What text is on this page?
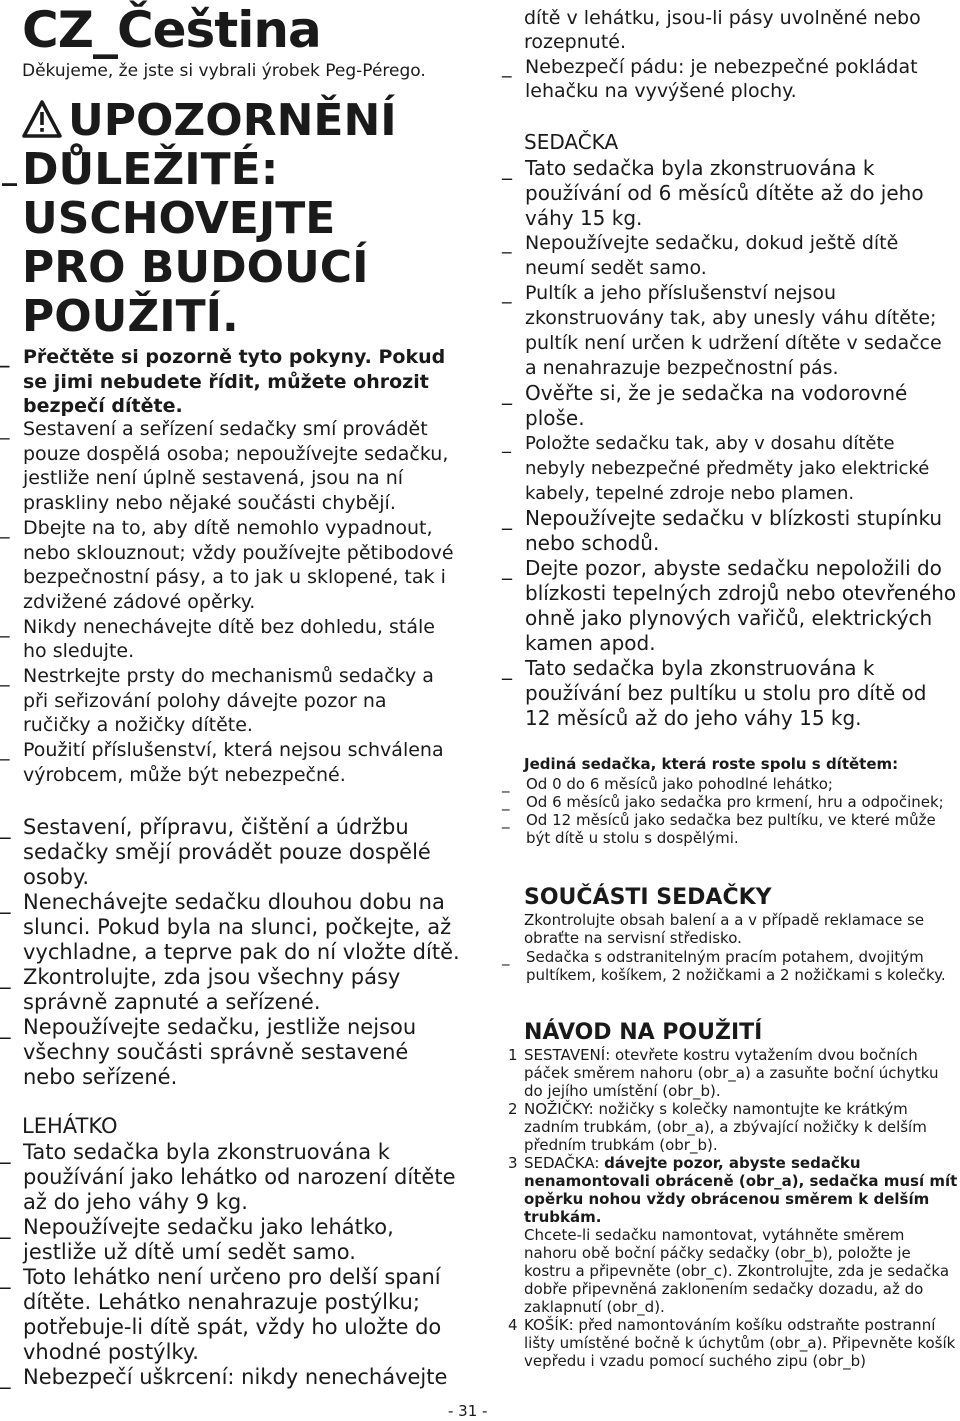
CZ_Čeština

Děkujeme, že jste si vybrali ýrobek Peg-Pérego.

UPOZORNĚNÍ
_ DŮLEŽITÉ:
USCHOVEJTE
PRO BUDOUCÍ
POUŽITÍ.
_ Přečtěte si pozorně tyto pokyny. Pokud se jimi nebudete řídit, můžete ohrozit bezpečí dítěte.
_ Sestavení a seřízení sedačky smí provádět pouze dospělá osoba; nepoužívejte sedačku, jestliže není úplně sestavená, jsou na ní praskliny nebo nějaké součásti chybějí.
_ Dbejte na to, aby dítě nemohlo vypadnout, nebo sklouznout; vždy používejte pětibodové bezpečnostní pásy, a to jak u sklopené, tak i zdvižené zádové opěrky.
_ Nikdy nenechávejte dítě bez dohledu, stále ho sledujte.
_ Nestrkejte prsty do mechanismů sedačky a při seřizování polohy dávejte pozor na ručičky a nožičky dítěte.
_ Použití příslušenství, která nejsou schválena výrobcem, může být nebezpečné.
_ Sestavení, přípravu, čištění a údržbu sedačky smějí provádět pouze dospělé osoby.
_ Nenechávejte sedačku dlouhou dobu na slunci. Pokud byla na slunci, počkejte, až vychladne, a teprve pak do ní vložte dítě.
_ Zkontrolujte, zda jsou všechny pásy správně zapnuté a seřízené.
_ Nepoužívejte sedačku, jestliže nejsou všechny součásti správně sestavené nebo seřízené.

LEHÁTKO

_ Tato sedačka byla zkonstruována k používání jako lehátko od narození dítěte až do jeho váhy 9 kg.
_ Nepoužívejte sedačku jako lehátko, jestliže už dítě umí sedět samo.
_ Toto lehátko není určeno pro delší spaní dítěte. Lehátko nenahrazuje postýlku; potřebuje-li dítě spát, vždy ho uložte do vhodné postýlky.
_ Nebezpečí uškrcení: nikdy nenechávejte

- 31 -

dítě v lehátku, jsou-li pásy uvolněné nebo rozepnuté.

_ Nebezpečí pádu: je nebezpečné pokládat lehačku na vyvýšené plochy.

SEDAČKA

_ Tato sedačka byla zkonstruována k používání od 6 měsíců dítěte až do jeho váhy 15 kg.
_ Nepoužívejte sedačku, dokud ještě dítě neumí sedět samo.
_ Pultík a jeho příslušenství nejsou zkonstruovány tak, aby unesly váhu dítěte; pultík není určen k udržení dítěte v sedačce a nenahrazuje bezpečnostní pás.
_ Ověřte si, že je sedačka na vodorovné ploše.
_ Položte sedačku tak, aby v dosahu dítěte nebyly nebezpečné předměty jako elektrické kabely, tepelné zdroje nebo plamen.
_ Nepoužívejte sedačku v blízkosti stupínku nebo schodů.
_ Dejte pozor, abyste sedačku nepoložili do blízkosti tepelných zdrojů nebo otevřeného ohně jako plynových vařičů, elektrických kamen apod.
_ Tato sedačka byla zkonstruována k používání bez pultíku u stolu pro dítě od 12 měsíců až do jeho váhy 15 kg.

Jediná sedačka, která roste spolu s dítětem:

_ Od 0 do 6 měsíců jako pohodlné lehátko;
_ Od 6 měsíců jako sedačka pro krmení, hru a odpočinek;
_ Od 12 měsíců jako sedačka bez pultíku, ve které může být dítě u stolu s dospělými.

SOUČÁSTI SEDAČKY

Zkontrolujte obsah balení a a v případě reklamace se obraťte na servisní středisko.

_ Sedačka s odstranitelným pracím potahem, dvojitým pultíkem, košíkem, 2 nožičkami a 2 nožičkami s kolečky.

NÁVOD NA POUŽITÍ

1 SESTAVENÍ: otevřete kostru vytažením dvou bočních páček směrem nahoru (obr_a) a zasuňte boční úchytku do jejího umístění (obr_b).
2 NOŽIČKY: nožičky s kolečky namontujte ke krátkým zadním trubkám, (obr_a), a zbývající nožičky k delším předním trubkám (obr_b).
3 SEDAČKA: dávejte pozor, abyste sedačku nenamontovali obráceně (obr_a), sedačka musí mít opěrku nohou vždy obrácenou směrem k delším trubkám.
Chcete-li sedačku namontovat, vytáhněte směrem nahoru obě boční páčky sedačky (obr_b), položte je kostru a připevněte (obr_c). Zkontrolujte, zda je sedačka dobře připevněná zaklonením sedačky dozadu, až do zaklapnutí (obr_d).
4 KOŠÍK: před namontováním košíku odstraňte postranní lišty umístěné bočně k úchytům (obr_a). Připevněte košík vepředu i vzadu pomocí suchého zipu (obr_b)
